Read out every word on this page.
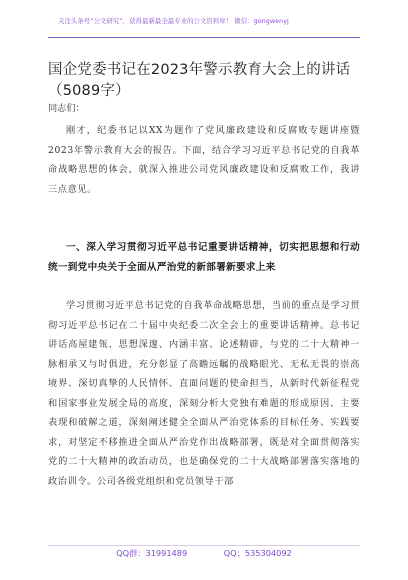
关注头条号“公文研究”，获得最新最全最专业的公文资料库！ 微信：gongwenyj
国企党委书记在2023年警示教育大会上的讲话（5089字）
同志们：
刚才，纪委书记以XX为题作了党风廉政建设和反腐败专题讲座暨2023年警示教育大会的报告。下面，结合学习习近平总书记党的自我革命战略思想的体会，就深入推进公司党风廉政建设和反腐败工作，我讲三点意见。
一、深入学习贯彻习近平总书记重要讲话精神，切实把思想和行动统一到党中央关于全面从严治党的新部署新要求上来
学习贯彻习近平总书记党的自我革命战略思想，当前的重点是学习贯彻习近平总书记在二十届中央纪委二次全会上的重要讲话精神。总书记讲话高屋建瓴、思想深邃、内涵丰富、论述精辟，与党的二十大精神一脉相承又与时俱进，充分彰显了高瞻远瞩的战略眼光、无私无畏的崇高境界、深切真挚的人民情怀、直面问题的使命担当，从新时代新征程党和国家事业发展全局的高度，深刻分析大党独有难题的形成原因、主要表现和破解之道，深刻阐述健全全面从严治党体系的目标任务、实践要求，对坚定不移推进全面从严治党作出战略部署，既是对全面贯彻落实党的二十大精神的政治动员，也是确保党的二十大战略部署落实落地的政治训令。公司各级党组织和党员领导干部
QQ群：31991489	QQ：535304092
